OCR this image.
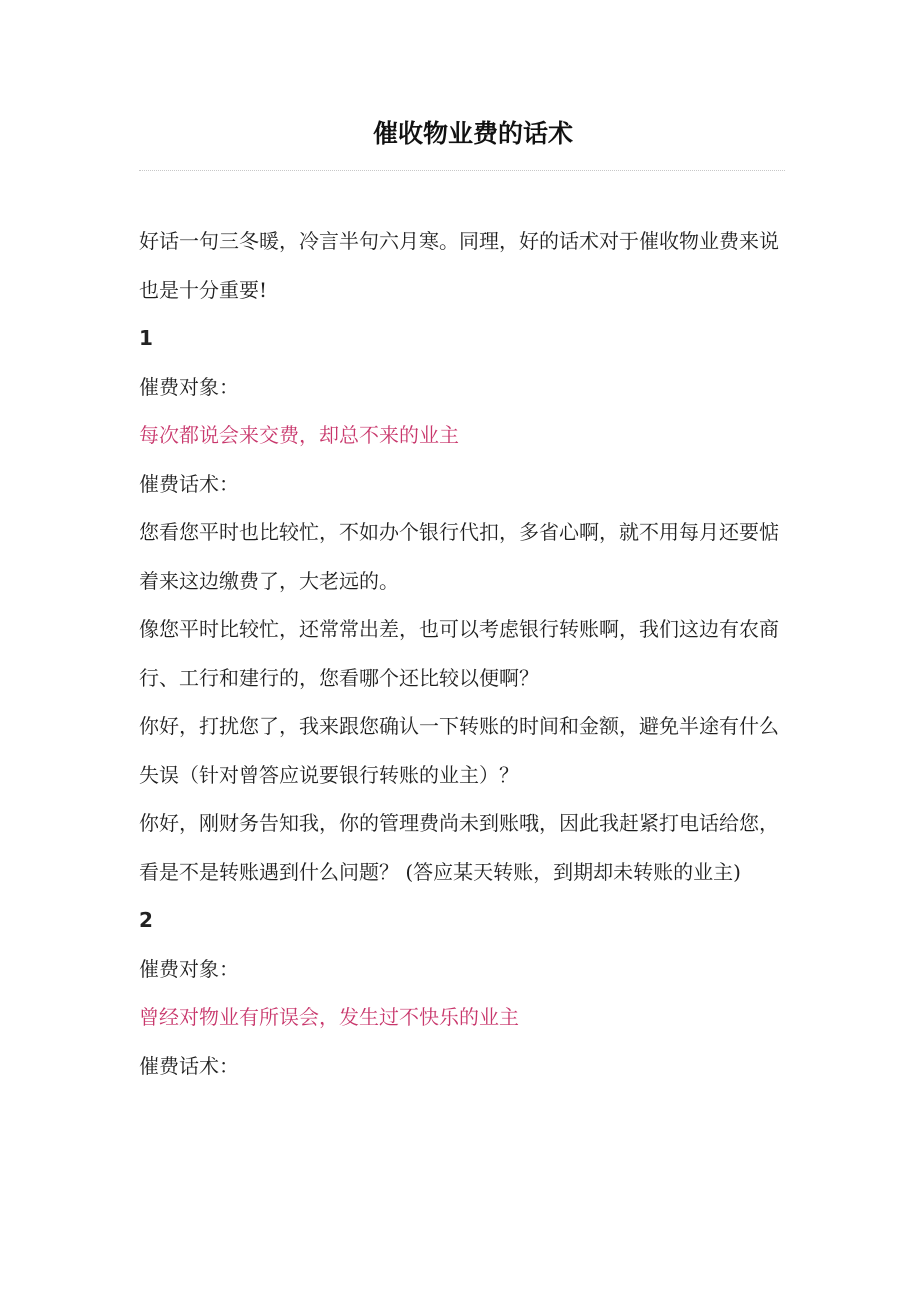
催收物业费的话术

好话一句三冬暖，冷言半句六月寒。同理，好的话术对于催收物业费来说也是十分重要!

1

催费对象：

每次都说会来交费，却总不来的业主

催费话术：

您看您平时也比较忙，不如办个银行代扣，多省心啊，就不用每月还要惦着来这边缴费了，大老远的。

像您平时比较忙，还常常出差，也可以考虑银行转账啊，我们这边有农商行、工行和建行的，您看哪个还比较以便啊？

你好，打扰您了，我来跟您确认一下转账的时间和金额，避免半途有什么失误（针对曾答应说要银行转账的业主）？

你好，刚财务告知我，你的管理费尚未到账哦，因此我赶紧打电话给您，看是不是转账遇到什么问题？ (答应某天转账，到期却未转账的业主)

2

催费对象：

曾经对物业有所误会，发生过不快乐的业主

催费话术：
